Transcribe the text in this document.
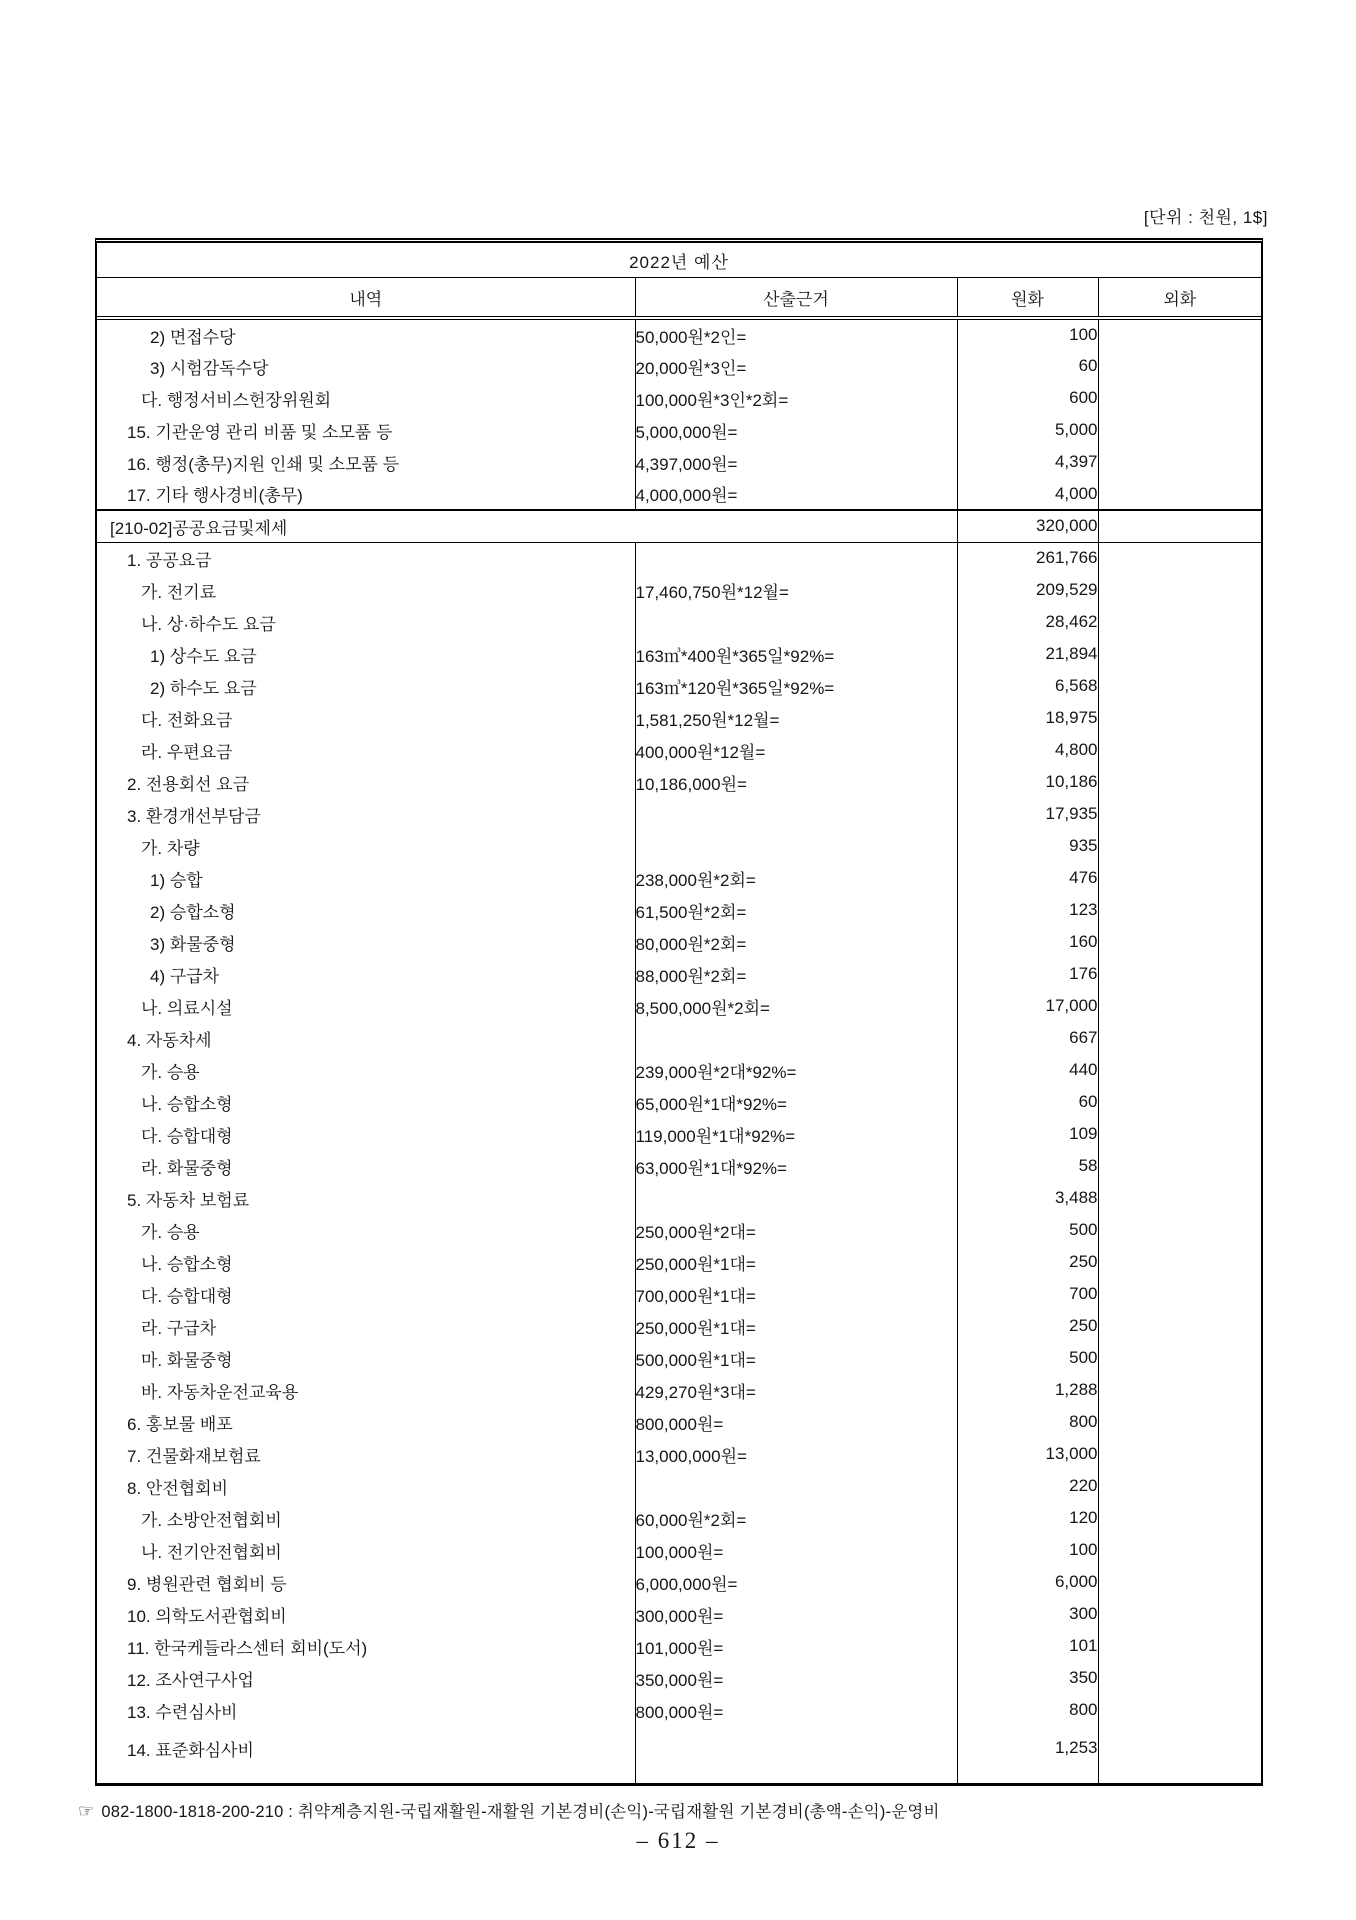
[단위 : 천원, 1$]
2022년 예산			
내역	산출근거	원화	외화
2) 면접수당	50,000원*2인=	100	
3) 시험감독수당	20,000원*3인=	60	
다. 행정서비스헌장위원회	100,000원*3인*2회=	600	
15. 기관운영 관리 비품 및 소모품 등	5,000,000원=	5,000	
16. 행정(총무)지원 인쇄 및 소모품 등	4,397,000원=	4,397	
17. 기타 행사경비(총무)	4,000,000원=	4,000	
[210-02]공공요금및제세		320,000	
1. 공공요금		261,766	
가. 전기료	17,460,750원*12월=	209,529	
나. 상·하수도 요금		28,462	
1) 상수도 요금	163㎥*400원*365일*92%=	21,894	
2) 하수도 요금	163㎥*120원*365일*92%=	6,568	
다. 전화요금	1,581,250원*12월=	18,975	
라. 우편요금	400,000원*12월=	4,800	
2. 전용회선 요금	10,186,000원=	10,186	
3. 환경개선부담금		17,935	
가. 차량		935	
1) 승합	238,000원*2회=	476	
2) 승합소형	61,500원*2회=	123	
3) 화물중형	80,000원*2회=	160	
4) 구급차	88,000원*2회=	176	
나. 의료시설	8,500,000원*2회=	17,000	
4. 자동차세		667	
가. 승용	239,000원*2대*92%=	440	
나. 승합소형	65,000원*1대*92%=	60	
다. 승합대형	119,000원*1대*92%=	109	
라. 화물중형	63,000원*1대*92%=	58	
5. 자동차 보험료		3,488	
가. 승용	250,000원*2대=	500	
나. 승합소형	250,000원*1대=	250	
다. 승합대형	700,000원*1대=	700	
라. 구급차	250,000원*1대=	250	
마. 화물중형	500,000원*1대=	500	
바. 자동차운전교육용	429,270원*3대=	1,288	
6. 홍보물 배포	800,000원=	800	
7. 건물화재보험료	13,000,000원=	13,000	
8. 안전협회비		220	
가. 소방안전협회비	60,000원*2회=	120	
나. 전기안전협회비	100,000원=	100	
9. 병원관련 협회비 등	6,000,000원=	6,000	
10. 의학도서관협회비	300,000원=	300	
11. 한국케들라스센터 회비(도서)	101,000원=	101	
12. 조사연구사업	350,000원=	350	
13. 수련심사비	800,000원=	800	
14. 표준화심사비		1,253	

☞ 082-1800-1818-200-210 : 취약계층지원-국립재활원-재활원 기본경비(손익)-국립재활원 기본경비(총액-손익)-운영비
– 612 –
